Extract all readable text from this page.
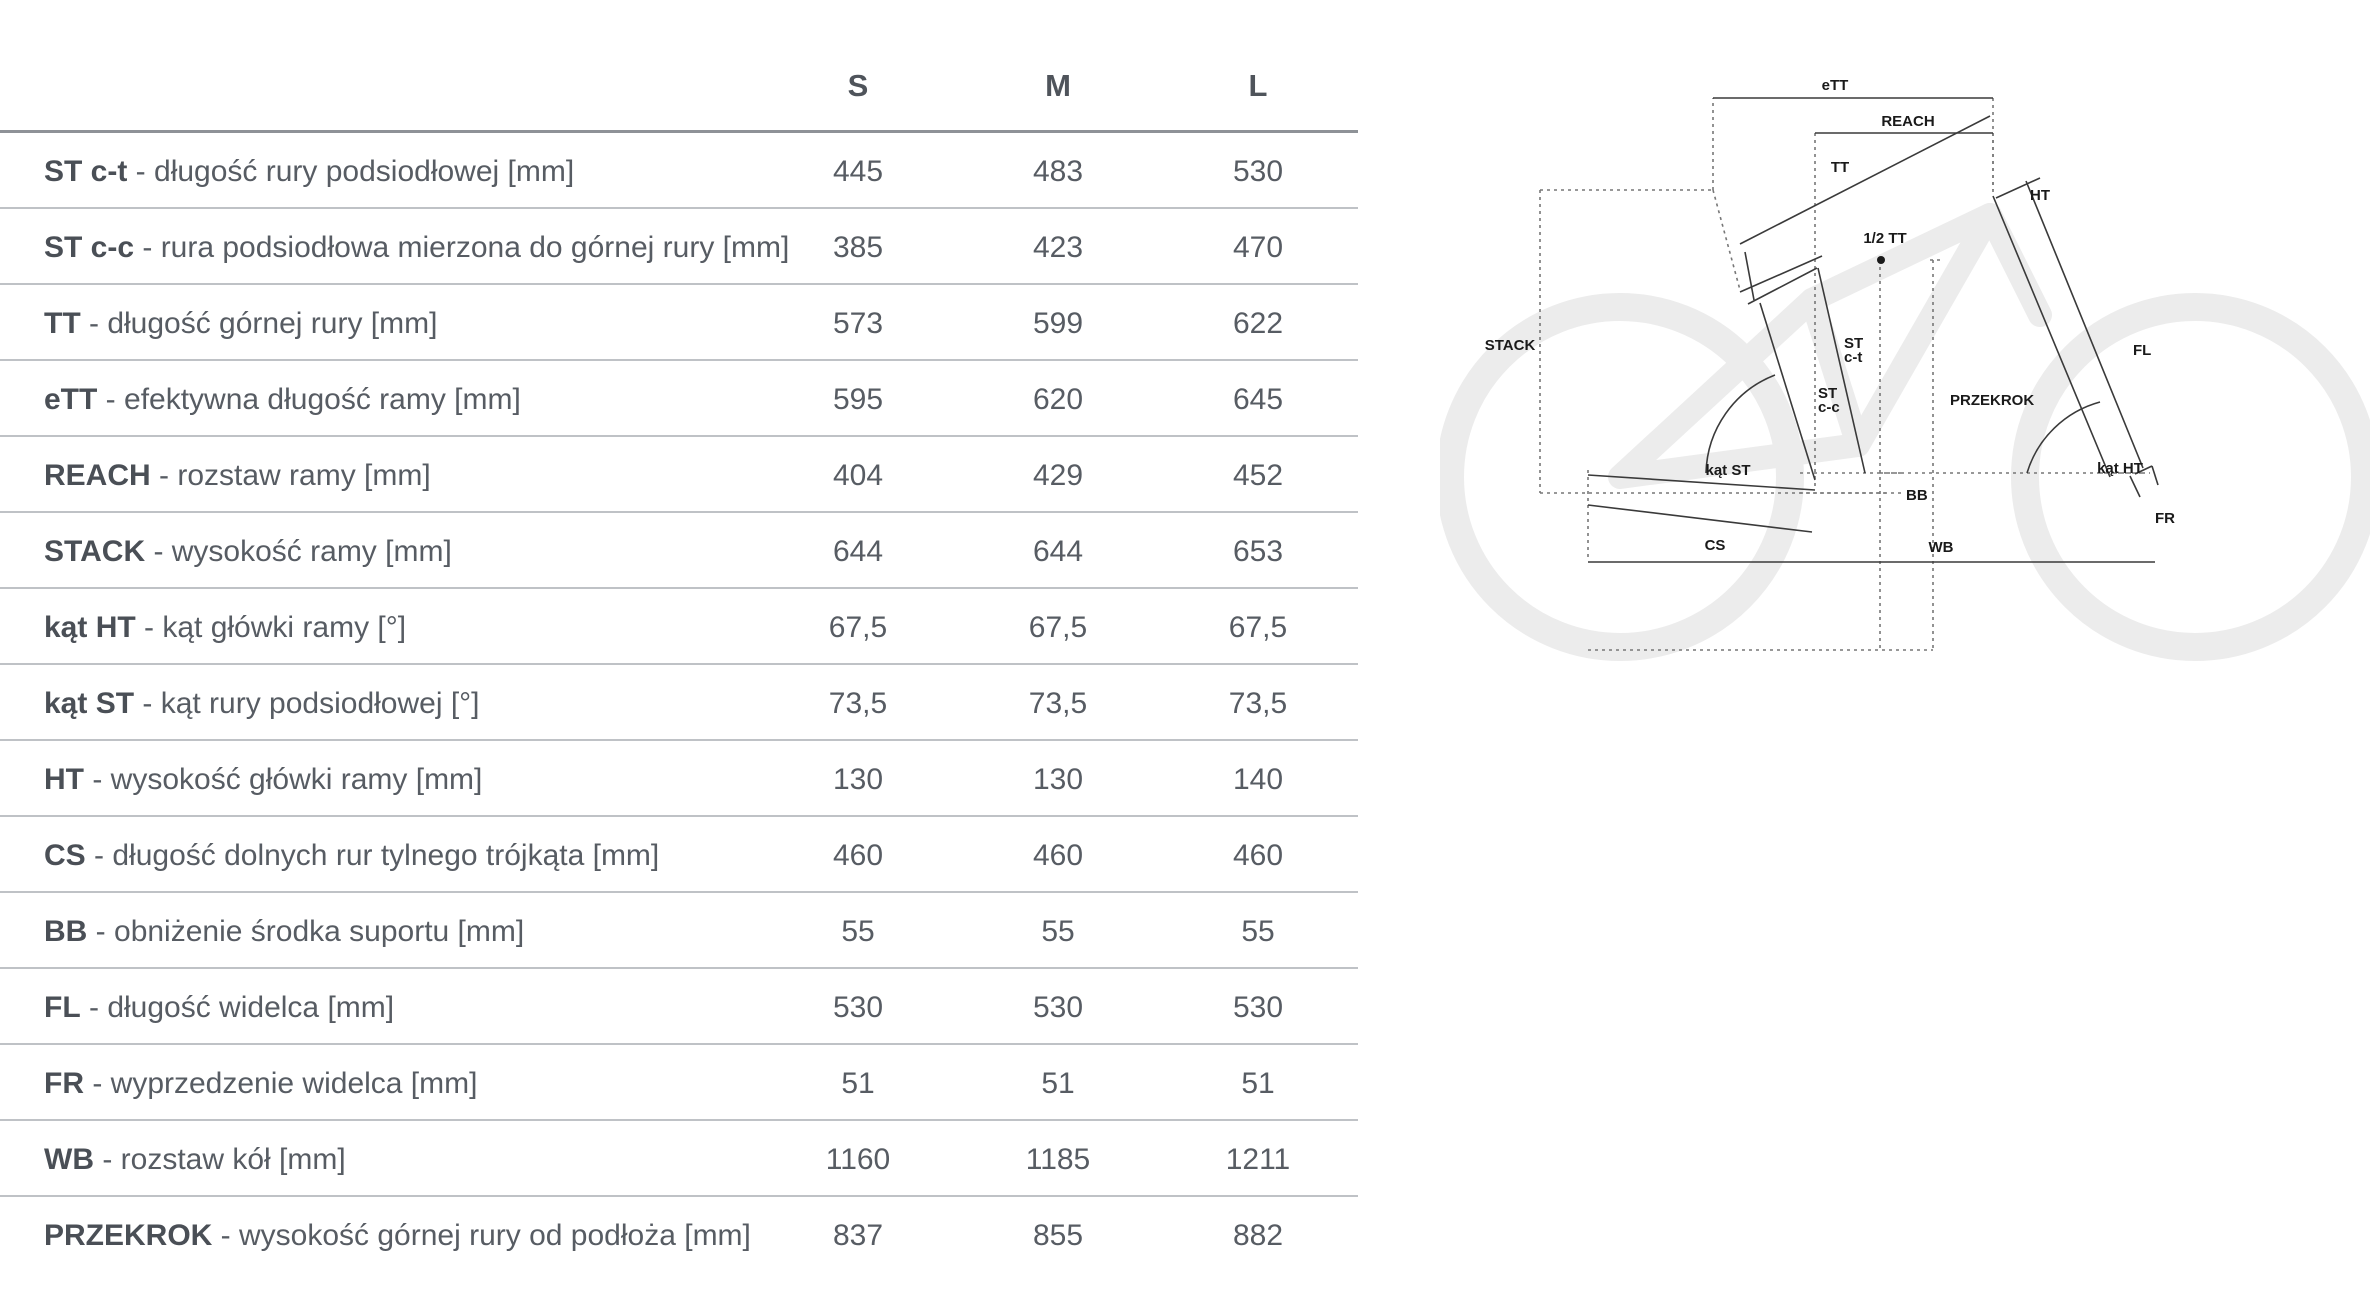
S	M	L
ST c-t - długość rury podsiodłowej [mm]	445	483	530
ST c-c - rura podsiodłowa mierzona do górnej rury [mm]	385	423	470
TT - długość górnej rury [mm]	573	599	622
eTT - efektywna długość ramy [mm]	595	620	645
REACH - rozstaw ramy [mm]	404	429	452
STACK - wysokość ramy [mm]	644	644	653
kąt HT - kąt główki ramy [°]	67,5	67,5	67,5
kąt ST - kąt rury podsiodłowej [°]	73,5	73,5	73,5
HT - wysokość główki ramy [mm]	130	130	140
CS - długość dolnych rur tylnego trójkąta [mm]	460	460	460
BB - obniżenie środka suportu [mm]	55	55	55
FL - długość widelca [mm]	530	530	530
FR - wyprzedzenie widelca [mm]	51	51	51
WB - rozstaw kół [mm]	1160	1185	1211
PRZEKROK - wysokość górnej rury od podłoża [mm]	837	855	882
eTT
REACH
TT
HT
1/2 TT
STACK	ST
c-t
ST
c-c
FL
PRZEKROK
kąt ST	kąt HT
BB
FR
CS	WB
